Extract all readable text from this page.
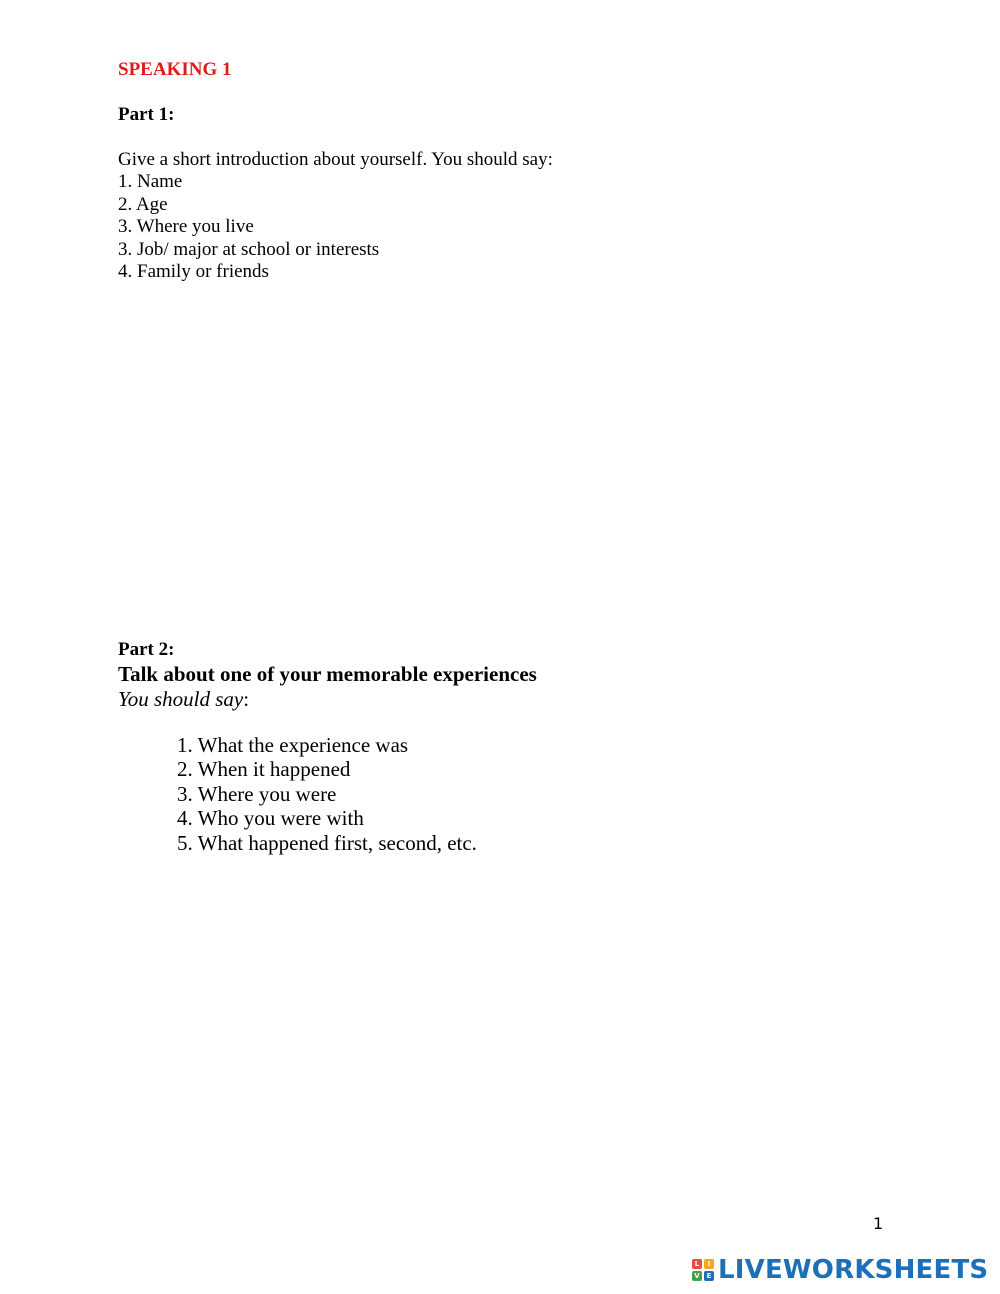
SPEAKING 1
Part 1:
Give a short introduction about yourself. You should say:
1. Name
2. Age
3. Where you live
3. Job/ major at school or interests
4. Family or friends
Part 2:
Talk about one of your memorable experiences
You should say:
1. What the experience was
2. When it happened
3. Where you were
4. Who you were with
5. What happened first, second, etc.
1
L	I
V E LIVEWORKSHEETS
